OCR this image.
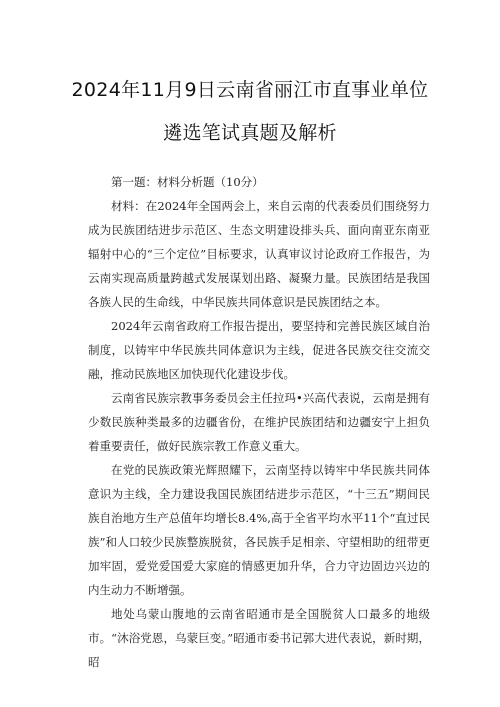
2024年11月9日云南省丽江市直事业单位

遴选笔试真题及解析

第一题：材料分析题（10分）

材料：在2024年全国两会上，来自云南的代表委员们围绕努力成为民族团结进步示范区、生态文明建设排头兵、面向南亚东南亚辐射中心的“三个定位”目标要求，认真审议讨论政府工作报告，为云南实现高质量跨越式发展谋划出路、凝聚力量。民族团结是我国各族人民的生命线，中华民族共同体意识是民族团结之本。

2024年云南省政府工作报告提出，要坚持和完善民族区域自治制度，以铸牢中华民族共同体意识为主线，促进各民族交往交流交融，推动民族地区加快现代化建设步伐。

云南省民族宗教事务委员会主任拉玛•兴高代表说，云南是拥有少数民族种类最多的边疆省份，在维护民族团结和边疆安宁上担负着重要责任，做好民族宗教工作意义重大。

在党的民族政策光辉照耀下，云南坚持以铸牢中华民族共同体意识为主线，全力建设我国民族团结进步示范区，“十三五”期间民族自治地方生产总值年均增长8.4%,高于全省平均水平11个“直过民族”和人口较少民族整族脱贫，各民族手足相亲、守望相助的纽带更加牢固，爱党爱国爱大家庭的情感更加升华，合力守边固边兴边的内生动力不断增强。

地处乌蒙山腹地的云南省昭通市是全国脱贫人口最多的地级市。“沐浴党恩，乌蒙巨变。”昭通市委书记郭大进代表说，新时期，昭
